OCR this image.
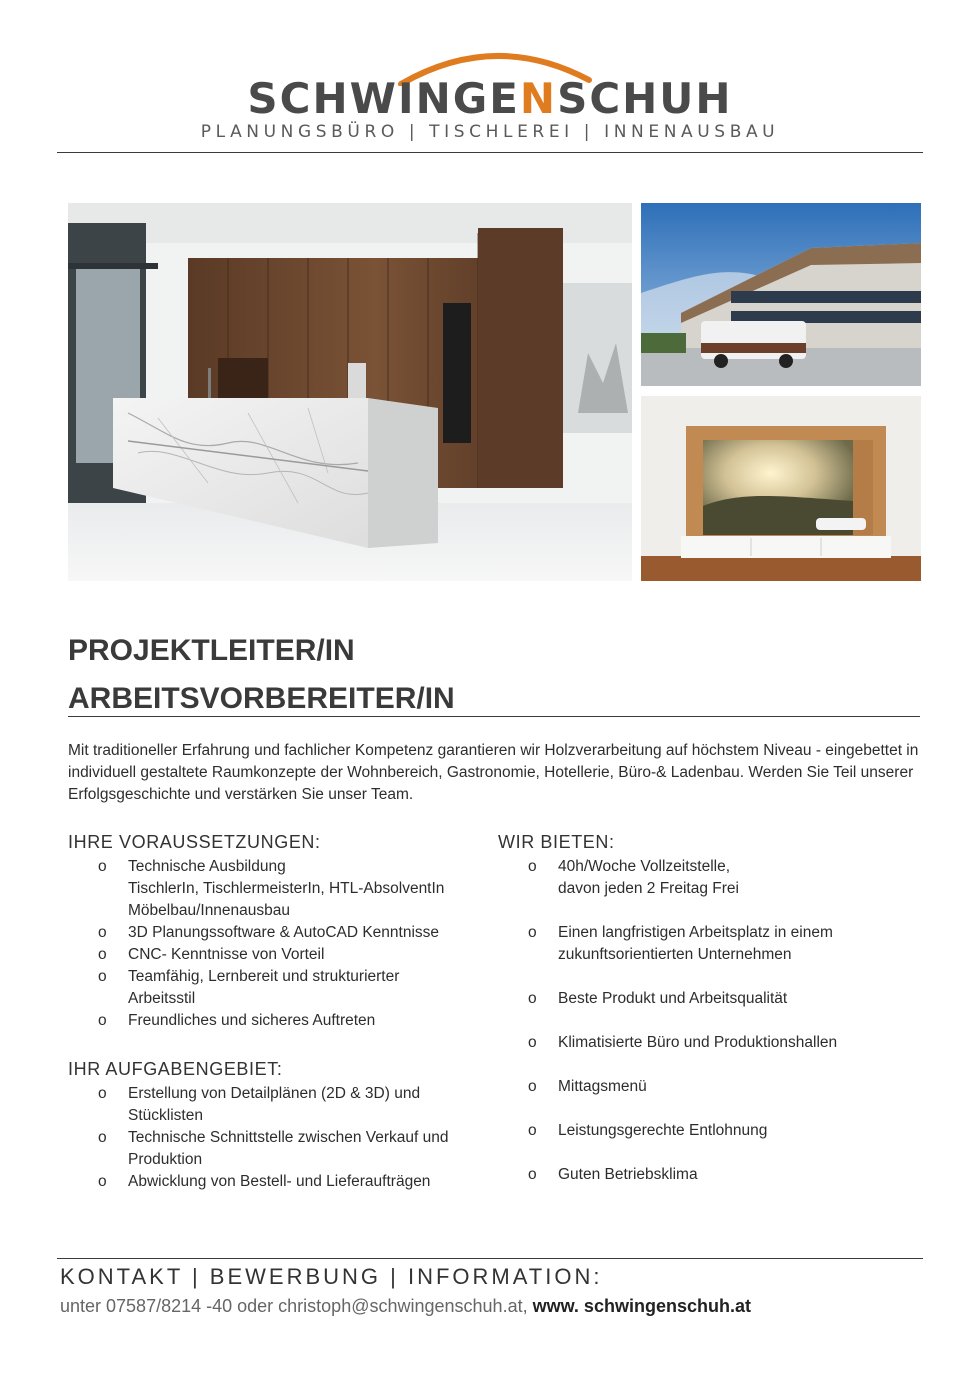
SCHWINGENSCHUH
PLANUNGSBÜRO | TISCHLEREI | INNENAUSBAU
PROJEKTLEITER/IN
ARBEITSVORBEREITER/IN

Mit traditioneller Erfahrung und fachlicher Kompetenz garantieren wir Holzverarbeitung auf höchstem Niveau - eingebettet in individuell gestaltete Raumkonzepte der Wohnbereich, Gastronomie, Hotellerie, Büro-& Ladenbau. Werden Sie Teil unserer Erfolgsgeschichte und verstärken Sie unser Team.

IHRE VORAUSSETZUNGEN:
o Technische Ausbildung
TischlerIn, TischlermeisterIn, HTL-AbsolventIn
Möbelbau/Innenausbau
o 3D Planungssoftware & AutoCAD Kenntnisse
o CNC- Kenntnisse von Vorteil
o Teamfähig, Lernbereit und strukturierter
Arbeitsstil
o Freundliches und sicheres Auftreten
IHR AUFGABENGEBIET:
o Erstellung von Detailplänen (2D & 3D) und
Stücklisten
o Technische Schnittstelle zwischen Verkauf und
Produktion
o Abwicklung von Bestell- und Lieferaufträgen
WIR BIETEN:
o 40h/Woche Vollzeitstelle,
davon jeden 2 Freitag Frei
o Einen langfristigen Arbeitsplatz in einem
zukunftsorientierten Unternehmen
o Beste Produkt und Arbeitsqualität
o Klimatisierte Büro und Produktionshallen
o Mittagsmenü
o Leistungsgerechte Entlohnung
o Guten Betriebsklima
KONTAKT | BEWERBUNG | INFORMATION:
unter 07587/8214 -40 oder christoph@schwingenschuh.at, www. schwingenschuh.at
